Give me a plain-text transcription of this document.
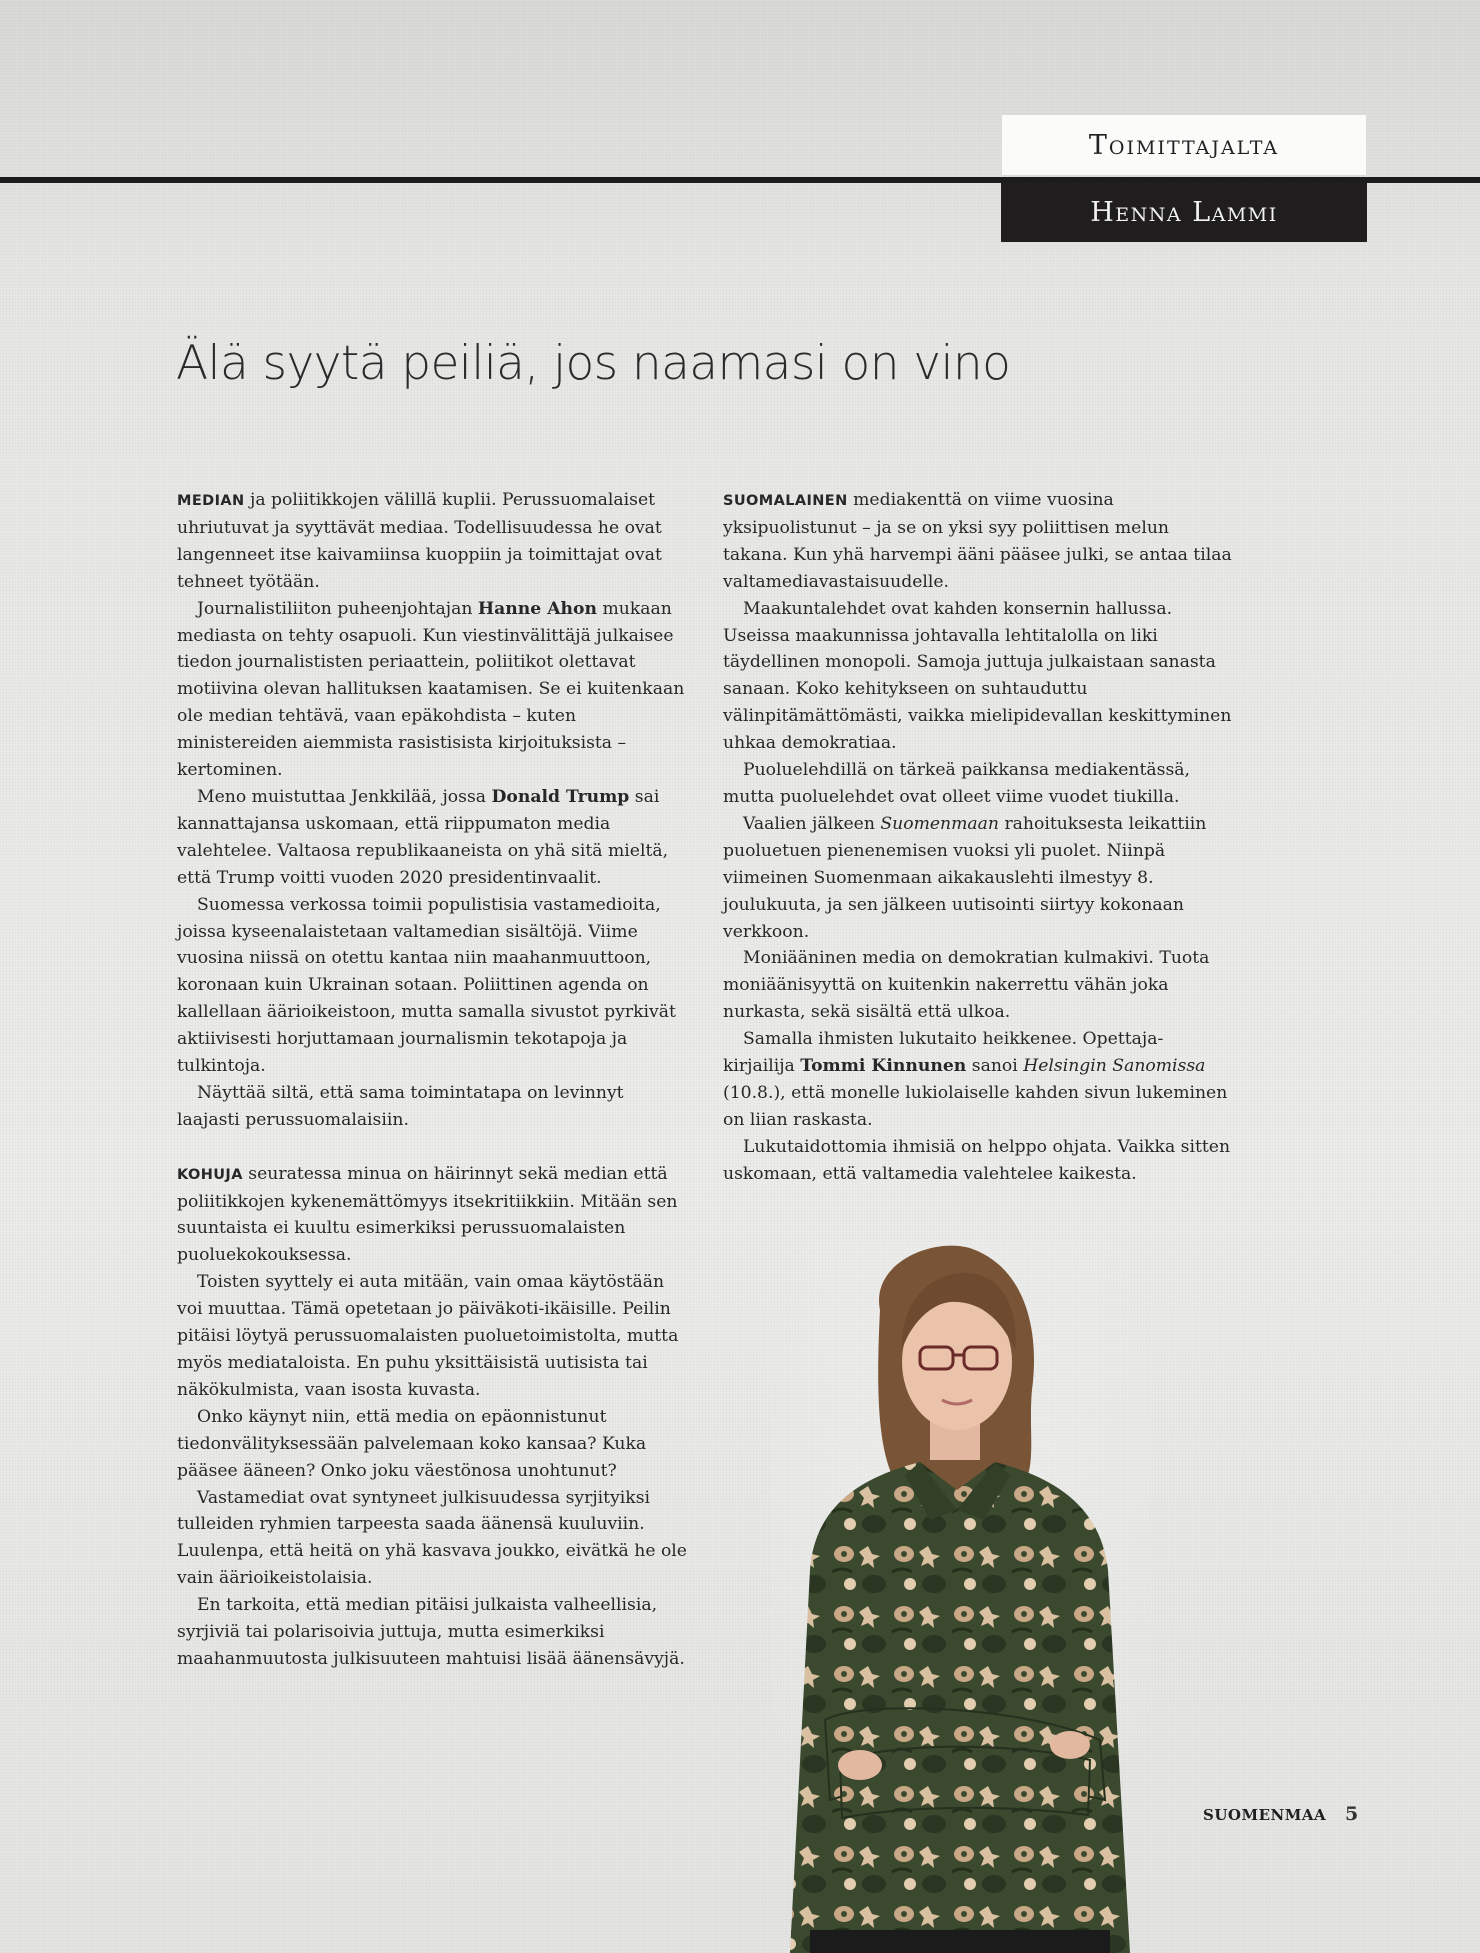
Toimittajalta
Henna Lammi
Älä syytä peiliä, jos naamasi on vino

MEDIAN ja poliitikkojen välillä kuplii. Perussuomalaiset uhriutuvat ja syyttävät mediaa. Todellisuudessa he ovat langenneet itse kaivamiinsa kuoppiin ja toimittajat ovat tehneet työtään.

Journalistiliiton puheenjohtajan Hanne Ahon mukaan mediasta on tehty osapuoli. Kun viestinvälittäjä julkaisee tiedon journalististen periaattein, poliitikot olettavat motiivina olevan hallituksen kaatamisen. Se ei kuitenkaan ole median tehtävä, vaan epäkohdista – kuten ministereiden aiemmista rasistisista kirjoituksista – kertominen.

Meno muistuttaa Jenkkilää, jossa Donald Trump sai kannattajansa uskomaan, että riippumaton media valehtelee. Valtaosa republikaaneista on yhä sitä mieltä, että Trump voitti vuoden 2020 presidentinvaalit.

Suomessa verkossa toimii populistisia vastamedioita, joissa kyseenalaistetaan valtamedian sisältöjä. Viime vuosina niissä on otettu kantaa niin maahanmuuttoon, koronaan kuin Ukrainan sotaan. Poliittinen agenda on kallellaan äärioikeistoon, mutta samalla sivustot pyrkivät aktiivisesti horjuttamaan journalismin tekotapoja ja tulkintoja.

Näyttää siltä, että sama toimintatapa on levinnyt laajasti perussuomalaisiin.

KOHUJA seuratessa minua on häirinnyt sekä median että poliitikkojen kykenemättömyys itsekritiikkiin. Mitään sen suuntaista ei kuultu esimerkiksi perussuomalaisten puoluekokouksessa.

Toisten syyttely ei auta mitään, vain omaa käytöstään voi muuttaa. Tämä opetetaan jo päiväkoti-ikäisille. Peilin pitäisi löytyä perussuomalaisten puoluetoimistolta, mutta myös mediataloista. En puhu yksittäisistä uutisista tai näkökulmista, vaan isosta kuvasta.

Onko käynyt niin, että media on epäonnistunut tiedonvälityksessään palvelemaan koko kansaa? Kuka pääsee ääneen? Onko joku väestönosa unohtunut?

Vastamediat ovat syntyneet julkisuudessa syrjityiksi tulleiden ryhmien tarpeesta saada äänensä kuuluviin. Luulenpa, että heitä on yhä kasvava joukko, eivätkä he ole vain äärioikeistolaisia.

En tarkoita, että median pitäisi julkaista valheellisia, syrjiviä tai polarisoivia juttuja, mutta esimerkiksi maahanmuutosta julkisuuteen mahtuisi lisää äänensävyjä.

SUOMALAINEN mediakenttä on viime vuosina yksipuolistunut – ja se on yksi syy poliittisen melun takana. Kun yhä harvempi ääni pääsee julki, se antaa tilaa valtamediavastaisuudelle.

Maakuntalehdet ovat kahden konsernin hallussa. Useissa maakunnissa johtavalla lehtitalolla on liki täydellinen monopoli. Samoja juttuja julkaistaan sanasta sanaan. Koko kehitykseen on suhtauduttu välinpitämättömästi, vaikka mielipidevallan keskittyminen uhkaa demokratiaa.

Puoluelehdillä on tärkeä paikkansa mediakentässä, mutta puoluelehdet ovat olleet viime vuodet tiukilla.

Vaalien jälkeen Suomenmaan rahoituksesta leikattiin puoluetuen pienenemisen vuoksi yli puolet. Niinpä viimeinen Suomenmaan aikakauslehti ilmestyy 8. joulukuuta, ja sen jälkeen uutisointi siirtyy kokonaan verkkoon.

Moniääninen media on demokratian kulmakivi. Tuota moniäänisyyttä on kuitenkin nakerrettu vähän joka nurkasta, sekä sisältä että ulkoa.

Samalla ihmisten lukutaito heikkenee. Opettaja-kirjailija Tommi Kinnunen sanoi Helsingin Sanomissa (10.8.), että monelle lukiolaiselle kahden sivun lukeminen on liian raskasta.

Lukutaidottomia ihmisiä on helppo ohjata. Vaikka sitten uskomaan, että valtamedia valehtelee kaikesta.

SUOMENMAA 5
